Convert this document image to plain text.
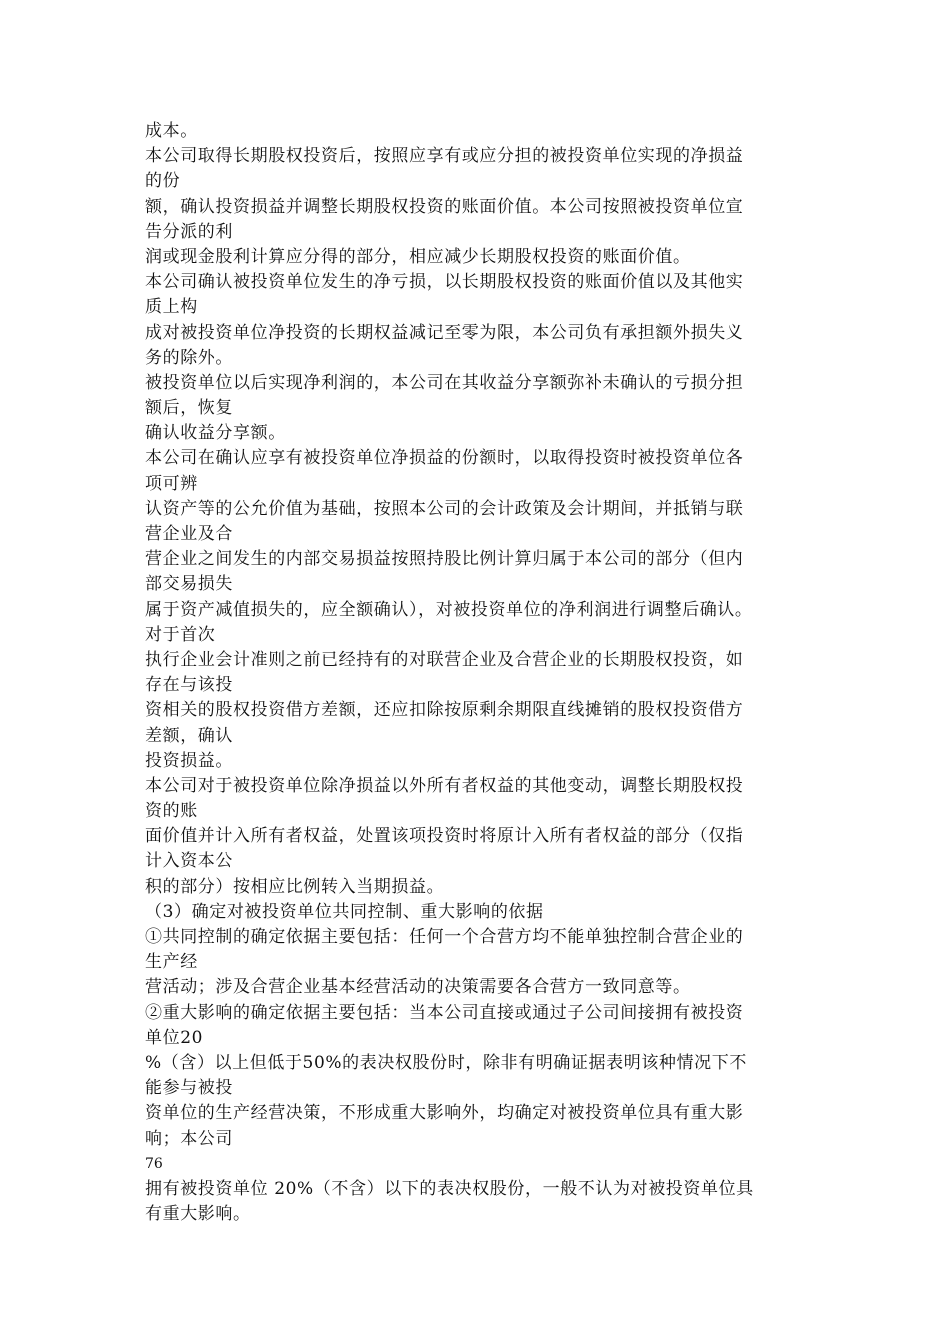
成本。
本公司取得长期股权投资后，按照应享有或应分担的被投资单位实现的净损益
的份
额，确认投资损益并调整长期股权投资的账面价值。本公司按照被投资单位宣
告分派的利
润或现金股利计算应分得的部分，相应减少长期股权投资的账面价值。
本公司确认被投资单位发生的净亏损，以长期股权投资的账面价值以及其他实
质上构
成对被投资单位净投资的长期权益减记至零为限，本公司负有承担额外损失义
务的除外。
被投资单位以后实现净利润的，本公司在其收益分享额弥补未确认的亏损分担
额后，恢复
确认收益分享额。
本公司在确认应享有被投资单位净损益的份额时，以取得投资时被投资单位各
项可辨
认资产等的公允价值为基础，按照本公司的会计政策及会计期间，并抵销与联
营企业及合
营企业之间发生的内部交易损益按照持股比例计算归属于本公司的部分（但内
部交易损失
属于资产减值损失的，应全额确认），对被投资单位的净利润进行调整后确认。
对于首次
执行企业会计准则之前已经持有的对联营企业及合营企业的长期股权投资，如
存在与该投
资相关的股权投资借方差额，还应扣除按原剩余期限直线摊销的股权投资借方
差额，确认
投资损益。
本公司对于被投资单位除净损益以外所有者权益的其他变动，调整长期股权投
资的账
面价值并计入所有者权益，处置该项投资时将原计入所有者权益的部分（仅指
计入资本公
积的部分）按相应比例转入当期损益。
（3）确定对被投资单位共同控制、重大影响的依据
①共同控制的确定依据主要包括：任何一个合营方均不能单独控制合营企业的
生产经
营活动；涉及合营企业基本经营活动的决策需要各合营方一致同意等。
②重大影响的确定依据主要包括：当本公司直接或通过子公司间接拥有被投资
单位20
%（含）以上但低于50%的表决权股份时，除非有明确证据表明该种情况下不
能参与被投
资单位的生产经营决策，不形成重大影响外，均确定对被投资单位具有重大影
响；本公司
76
拥有被投资单位 20%（不含）以下的表决权股份，一般不认为对被投资单位具
有重大影响。
